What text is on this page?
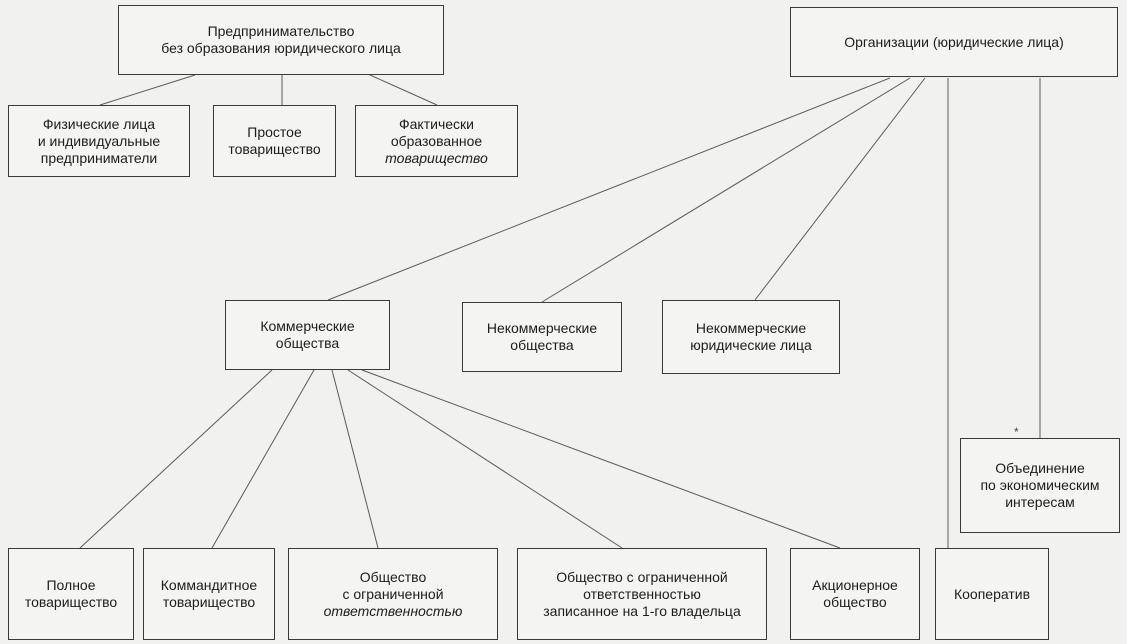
Предпринимательство
без образования юридического лица
Физические лица
и индивидуальные
предприниматели
Простое
товарищество
Фактически
образованное
товарищество
Организации (юридические лица)
Коммерческие
общества
Некоммерческие
общества
Некоммерческие
юридические лица
Объединение
по экономическим
интересам
*
Полное
товарищество
Коммандитное
товарищество
Общество
с ограниченной
ответственностью
Общество с ограниченной
ответственностью
записанное на 1-го владельца
Акционерное
общество
Кооператив
